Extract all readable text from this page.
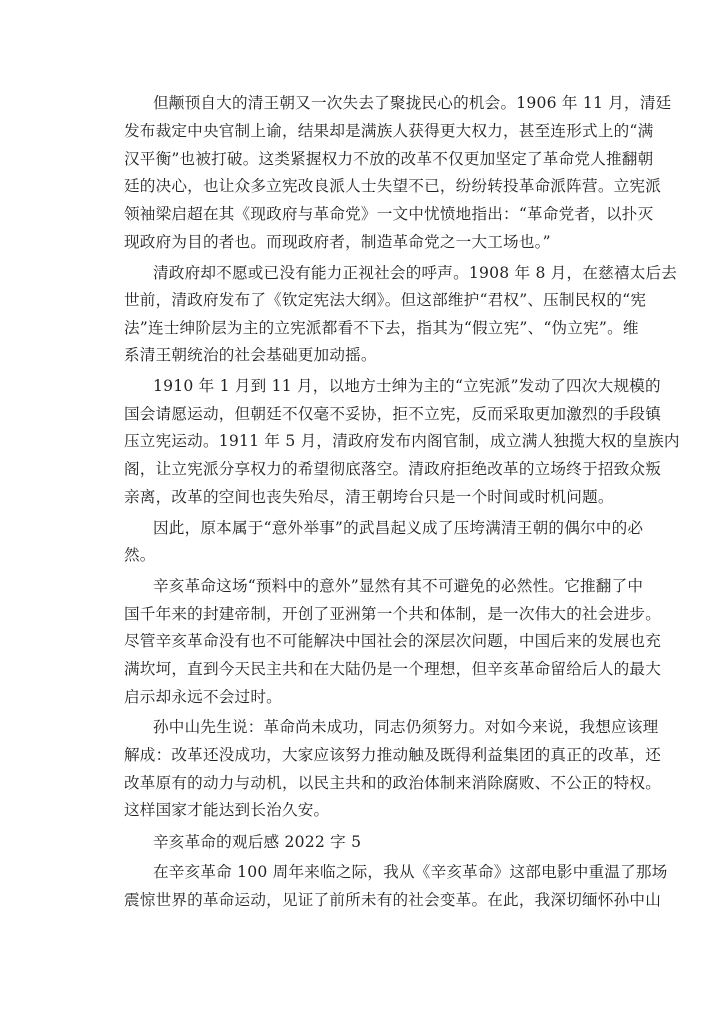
但颟顸自大的清王朝又一次失去了聚拢民心的机会。1906 年 11 月，清廷
发布裁定中央官制上谕，结果却是满族人获得更大权力，甚至连形式上的“满
汉平衡”也被打破。这类紧握权力不放的改革不仅更加坚定了革命党人推翻朝
廷的决心，也让众多立宪改良派人士失望不已，纷纷转投革命派阵营。立宪派
领袖梁启超在其《现政府与革命党》一文中忧愤地指出：“革命党者，以扑灭
现政府为目的者也。而现政府者，制造革命党之一大工场也。”
清政府却不愿或已没有能力正视社会的呼声。1908 年 8 月，在慈禧太后去
世前，清政府发布了《钦定宪法大纲》。但这部维护“君权”、压制民权的“宪
法”连士绅阶层为主的立宪派都看不下去，指其为“假立宪”、“伪立宪”。维
系清王朝统治的社会基础更加动摇。
1910 年 1 月到 11 月，以地方士绅为主的“立宪派”发动了四次大规模的
国会请愿运动，但朝廷不仅毫不妥协，拒不立宪，反而采取更加激烈的手段镇
压立宪运动。1911 年 5 月，清政府发布内阁官制，成立满人独揽大权的皇族内
阁，让立宪派分享权力的希望彻底落空。清政府拒绝改革的立场终于招致众叛
亲离，改革的空间也丧失殆尽，清王朝垮台只是一个时间或时机问题。
因此，原本属于“意外举事”的武昌起义成了压垮满清王朝的偶尔中的必
然。
辛亥革命这场“预料中的意外”显然有其不可避免的必然性。它推翻了中
国千年来的封建帝制，开创了亚洲第一个共和体制，是一次伟大的社会进步。
尽管辛亥革命没有也不可能解决中国社会的深层次问题，中国后来的发展也充
满坎坷，直到今天民主共和在大陆仍是一个理想，但辛亥革命留给后人的最大
启示却永远不会过时。
孙中山先生说：革命尚未成功，同志仍须努力。对如今来说，我想应该理
解成：改革还没成功，大家应该努力推动触及既得利益集团的真正的改革，还
改革原有的动力与动机，以民主共和的政治体制来消除腐败、不公正的特权。
这样国家才能达到长治久安。
辛亥革命的观后感 2022 字 5
在辛亥革命 100 周年来临之际，我从《辛亥革命》这部电影中重温了那场
震惊世界的革命运动，见证了前所未有的社会变革。在此，我深切缅怀孙中山
